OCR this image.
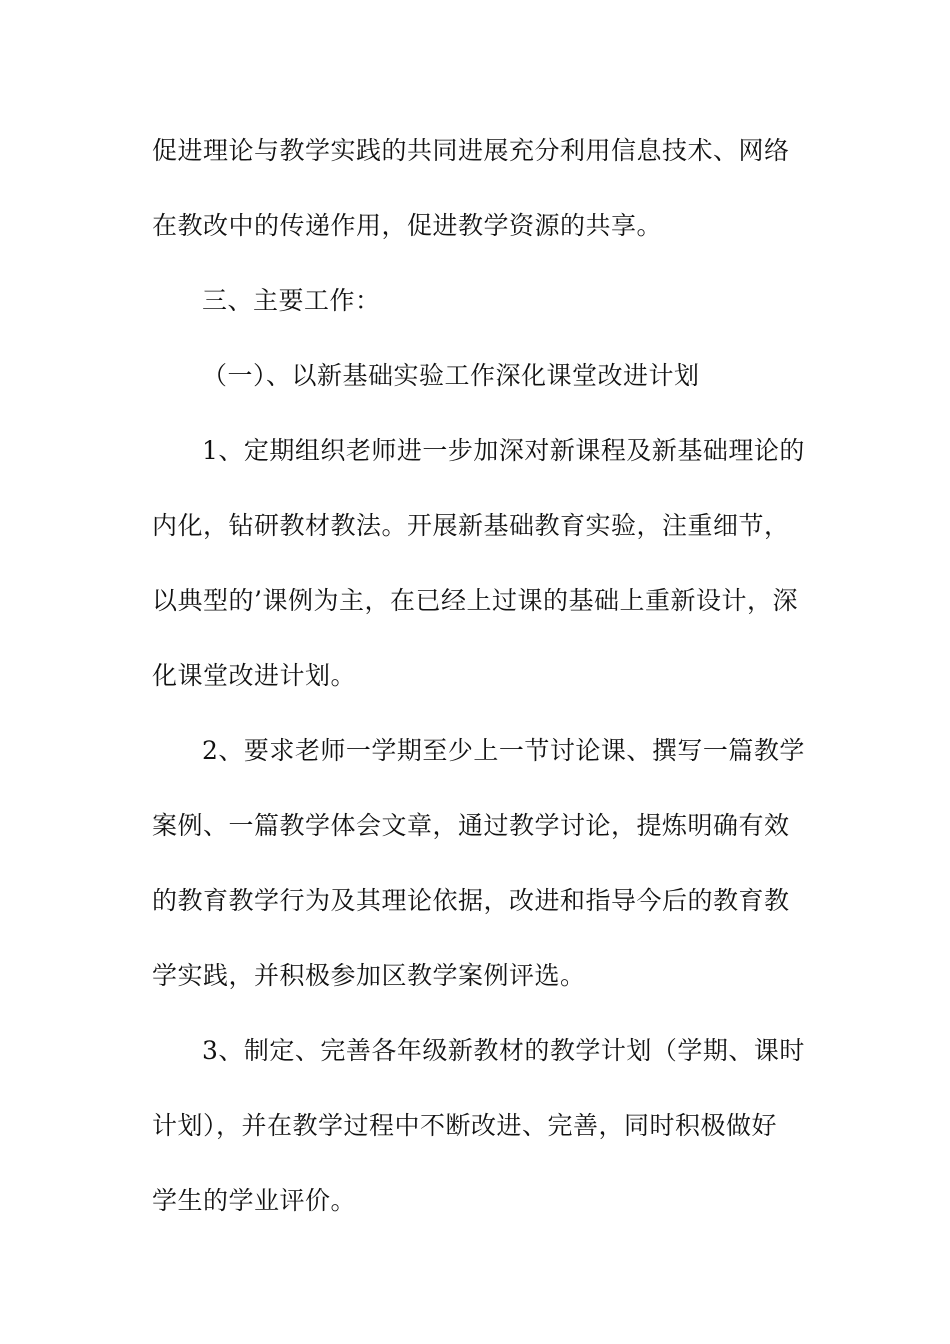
促进理论与教学实践的共同进展充分利用信息技术、网络
在教改中的传递作用，促进教学资源的共享。
三、主要工作：
（一）、以新基础实验工作深化课堂改进计划
1、定期组织老师进一步加深对新课程及新基础理论的
内化，钻研教材教法。开展新基础教育实验，注重细节，
以典型的’课例为主，在已经上过课的基础上重新设计，深
化课堂改进计划。
2、要求老师一学期至少上一节讨论课、撰写一篇教学
案例、一篇教学体会文章，通过教学讨论，提炼明确有效
的教育教学行为及其理论依据，改进和指导今后的教育教
学实践，并积极参加区教学案例评选。
3、制定、完善各年级新教材的教学计划（学期、课时
计划），并在教学过程中不断改进、完善，同时积极做好
学生的学业评价。
